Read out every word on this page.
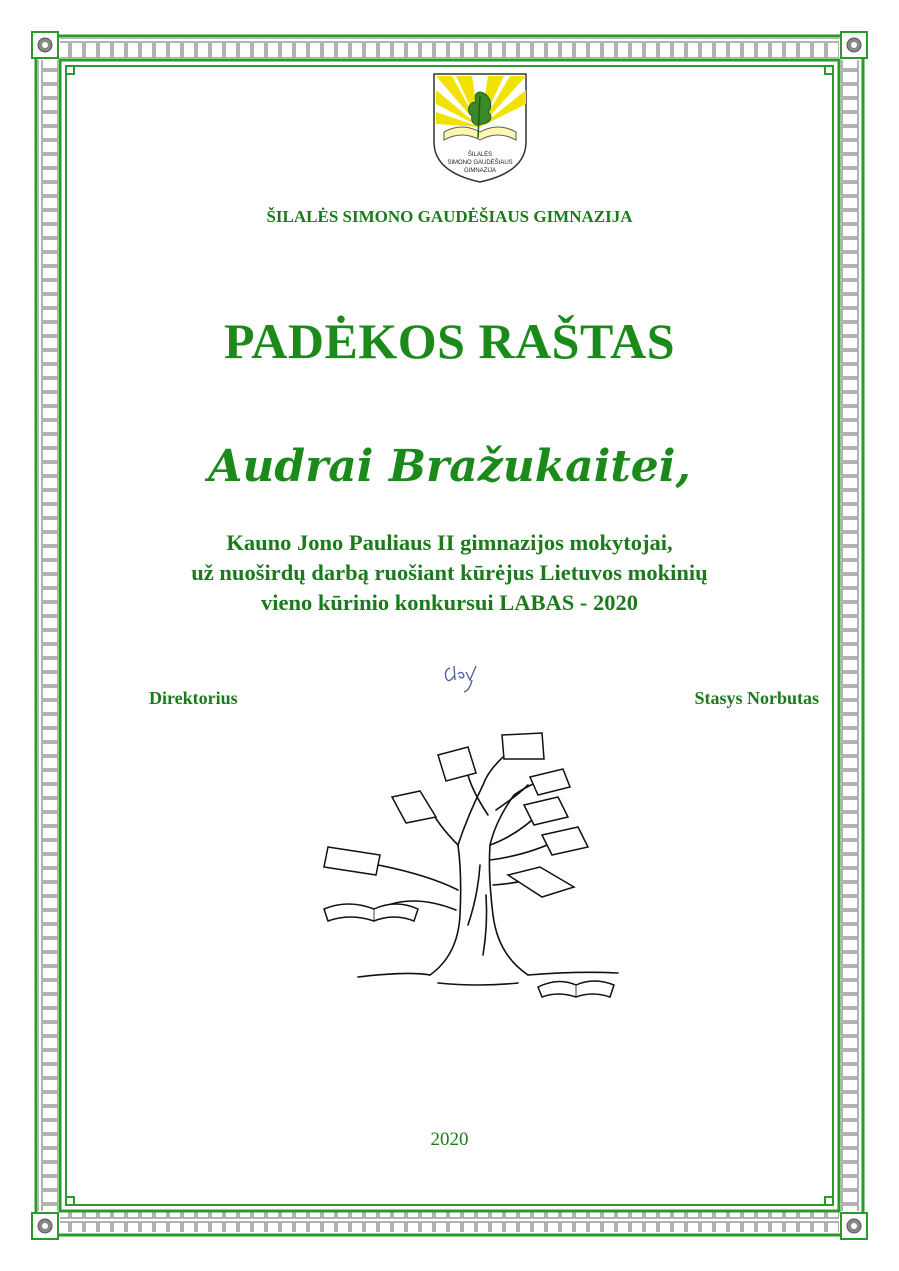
ŠILALĖS
SIMONO GAUDĖŠIAUS
GIMNAZIJA
ŠILALĖS SIMONO GAUDĖŠIAUS GIMNAZIJA
PADĖKOS RAŠTAS
Audrai Bražukaitei,
Kauno Jono Pauliaus II gimnazijos mokytojai,
už nuoširdų darbą ruošiant kūrėjus Lietuvos mokinių
vieno kūrinio konkursui LABAS - 2020
Direktorius	Stasys Norbutas
2020
